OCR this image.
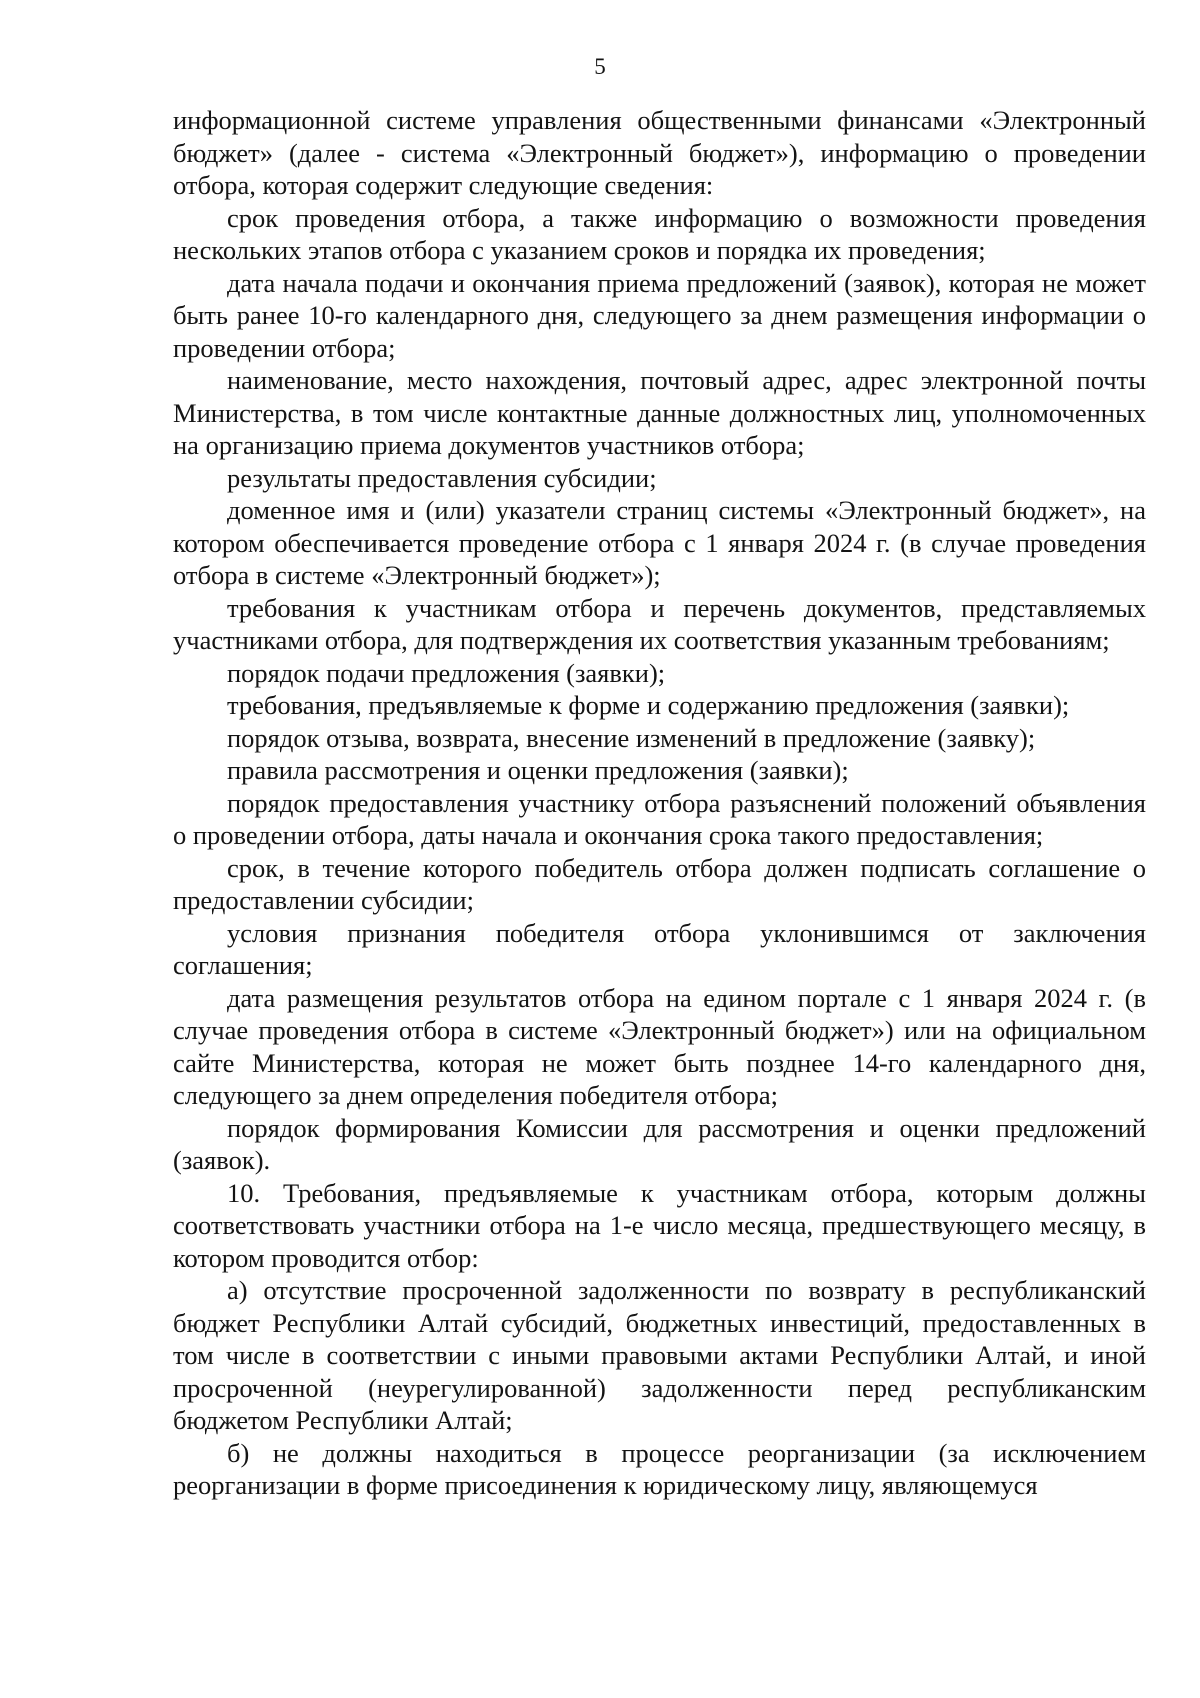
5

информационной системе управления общественными финансами «Электронный бюджет» (далее - система «Электронный бюджет»), информацию о проведении отбора, которая содержит следующие сведения:

срок проведения отбора, а также информацию о возможности проведения нескольких этапов отбора с указанием сроков и порядка их проведения;

дата начала подачи и окончания приема предложений (заявок), которая не может быть ранее 10-го календарного дня, следующего за днем размещения информации о проведении отбора;

наименование, место нахождения, почтовый адрес, адрес электронной почты Министерства, в том числе контактные данные должностных лиц, уполномоченных на организацию приема документов участников отбора;

результаты предоставления субсидии;

доменное имя и (или) указатели страниц системы «Электронный бюджет», на котором обеспечивается проведение отбора с 1 января 2024 г. (в случае проведения отбора в системе «Электронный бюджет»);

требования к участникам отбора и перечень документов, представляемых участниками отбора, для подтверждения их соответствия указанным требованиям;

порядок подачи предложения (заявки);

требования, предъявляемые к форме и содержанию предложения (заявки);

порядок отзыва, возврата, внесение изменений в предложение (заявку);

правила рассмотрения и оценки предложения (заявки);

порядок предоставления участнику отбора разъяснений положений объявления о проведении отбора, даты начала и окончания срока такого предоставления;

срок, в течение которого победитель отбора должен подписать соглашение о предоставлении субсидии;

условия признания победителя отбора уклонившимся от заключения соглашения;

дата размещения результатов отбора на едином портале с 1 января 2024 г. (в случае проведения отбора в системе «Электронный бюджет») или на официальном сайте Министерства, которая не может быть позднее 14-го календарного дня, следующего за днем определения победителя отбора;

порядок формирования Комиссии для рассмотрения и оценки предложений (заявок).

10. Требования, предъявляемые к участникам отбора, которым должны соответствовать участники отбора на 1-е число месяца, предшествующего месяцу, в котором проводится отбор:

а) отсутствие просроченной задолженности по возврату в республиканский бюджет Республики Алтай субсидий, бюджетных инвестиций, предоставленных в том числе в соответствии с иными правовыми актами Республики Алтай, и иной просроченной (неурегулированной) задолженности перед республиканским бюджетом Республики Алтай;

б) не должны находиться в процессе реорганизации (за исключением реорганизации в форме присоединения к юридическому лицу, являющемуся
